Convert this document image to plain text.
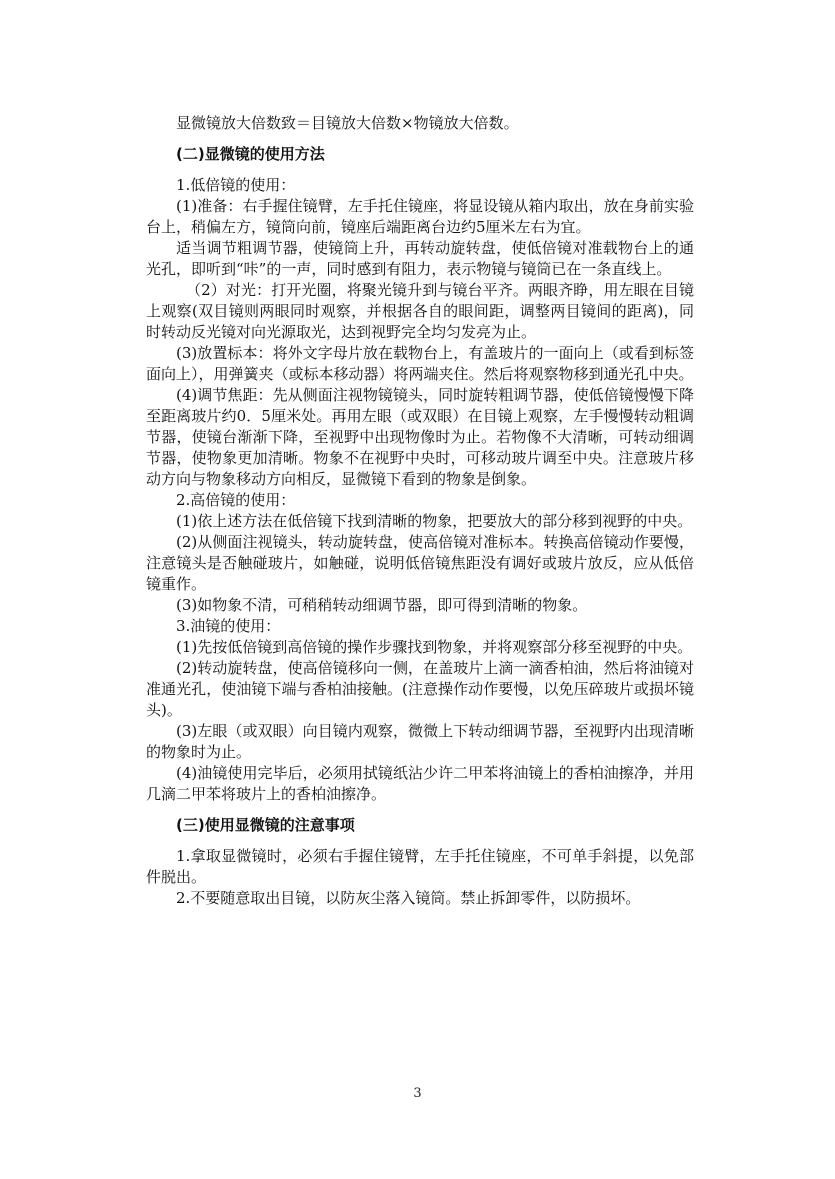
显微镜放大倍数致＝目镜放大倍数×物镜放大倍数。

(二)显微镜的使用方法

1.低倍镜的使用：

(1)准备：右手握住镜臂，左手托住镜座，将显设镜从箱内取出，放在身前实验台上，稍偏左方，镜筒向前，镜座后端距离台边约5厘米左右为宜。

适当调节粗调节器，使镜筒上升，再转动旋转盘，使低倍镜对准载物台上的通光孔，即听到“咔”的一声，同时感到有阻力，表示物镜与镜筒已在一条直线上。

（2）对光：打开光圈，将聚光镜升到与镜台平齐。两眼齐睁，用左眼在目镜上观察(双目镜则两眼同时观察，并根据各自的眼间距，调整两目镜间的距离)，同时转动反光镜对向光源取光，达到视野完全均匀发亮为止。

(3)放置标本：将外文字母片放在载物台上，有盖玻片的一面向上（或看到标签面向上），用弹簧夹（或标本移动器）将两端夹住。然后将观察物移到通光孔中央。

(4)调节焦距：先从侧面注视物镜镜头，同时旋转粗调节器，使低倍镜慢慢下降至距离玻片约0．5厘米处。再用左眼（或双眼）在目镜上观察，左手慢慢转动粗调节器，使镜台渐渐下降，至视野中出现物像时为止。若物像不大清晰，可转动细调节器，使物象更加清晰。物象不在视野中央时，可移动玻片调至中央。注意玻片移动方向与物象移动方向相反，显微镜下看到的物象是倒象。

2.高倍镜的使用：

(1)依上述方法在低倍镜下找到清晰的物象，把要放大的部分移到视野的中央。

(2)从侧面注视镜头，转动旋转盘，使高倍镜对准标本。转换高倍镜动作要慢，注意镜头是否触碰玻片，如触碰，说明低倍镜焦距没有调好或玻片放反，应从低倍镜重作。

(3)如物象不清，可稍稍转动细调节器，即可得到清晰的物象。

3.油镜的使用：

(1)先按低倍镜到高倍镜的操作步骤找到物象，并将观察部分移至视野的中央。

(2)转动旋转盘，使高倍镜移向一侧，在盖玻片上滴一滴香柏油，然后将油镜对准通光孔，使油镜下端与香柏油接触。(注意操作动作要慢，以免压碎玻片或损坏镜头)。

(3)左眼（或双眼）向目镜内观察，微微上下转动细调节器，至视野内出现清晰的物象时为止。

(4)油镜使用完毕后，必须用拭镜纸沾少许二甲苯将油镜上的香柏油擦净，并用几滴二甲苯将玻片上的香柏油擦净。

(三)使用显微镜的注意事项

1.拿取显微镜时，必须右手握住镜臂，左手托住镜座，不可单手斜提，以免部件脱出。

2.不要随意取出目镜，以防灰尘落入镜筒。禁止拆卸零件，以防损坏。

3
